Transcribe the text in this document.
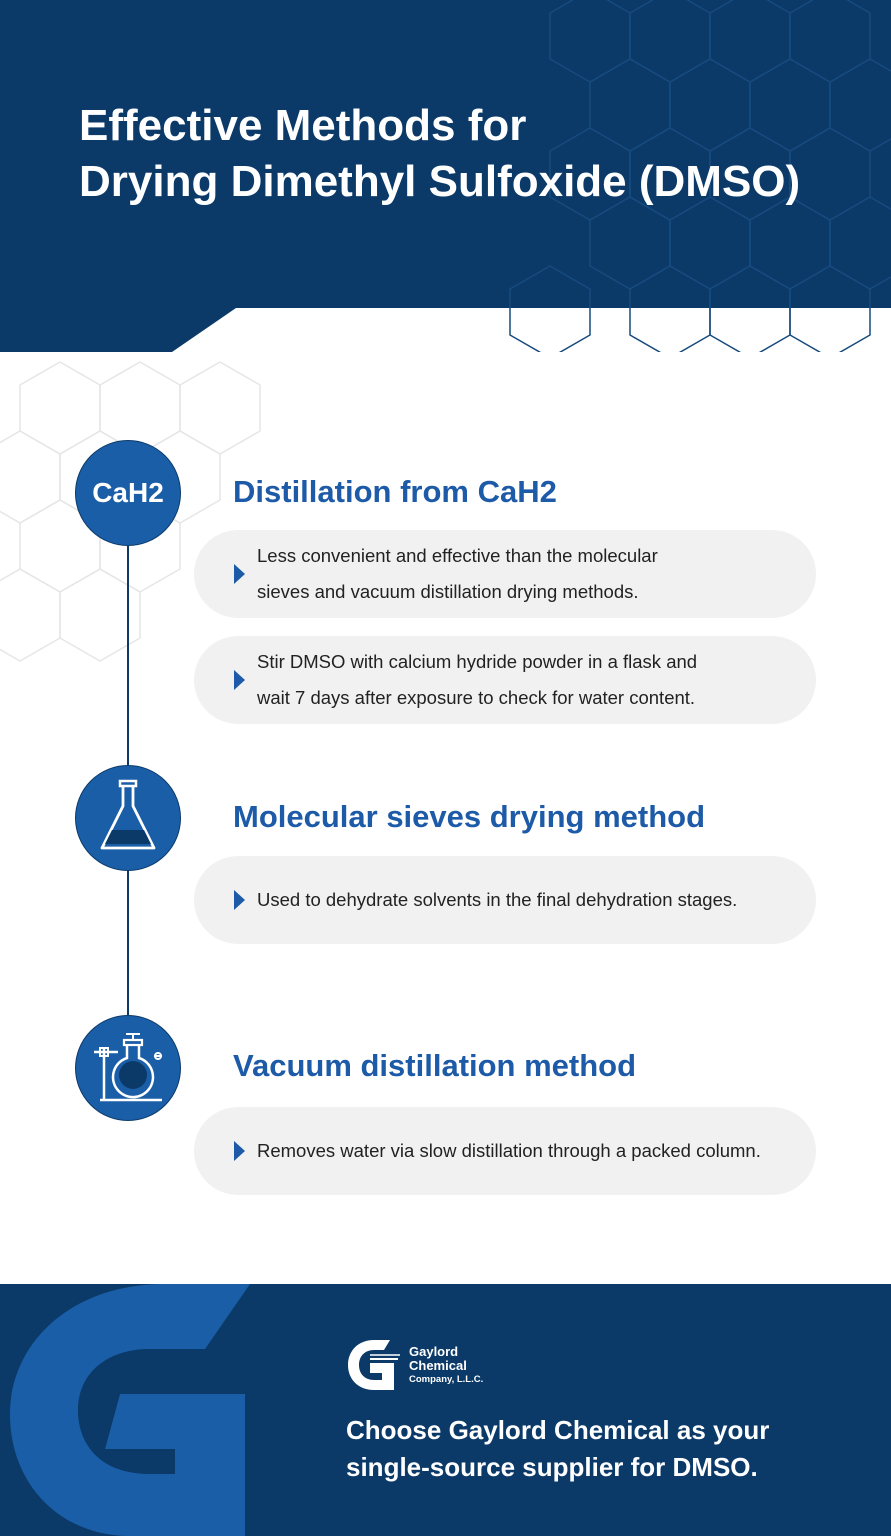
Effective Methods for
Drying Dimethyl Sulfoxide (DMSO)
CaH2 Distillation from CaH2
Less convenient and effective than the molecular
sieves and vacuum distillation drying methods.
Stir DMSO with calcium hydride powder in a flask and
wait 7 days after exposure to check for water content.
Molecular sieves drying method
Used to dehydrate solvents in the final dehydration stages.
Vacuum distillation method
Removes water via slow distillation through a packed column.
Gaylord
Chemical
Company, L.L.C.

Choose Gaylord Chemical as your
single-source supplier for DMSO.
